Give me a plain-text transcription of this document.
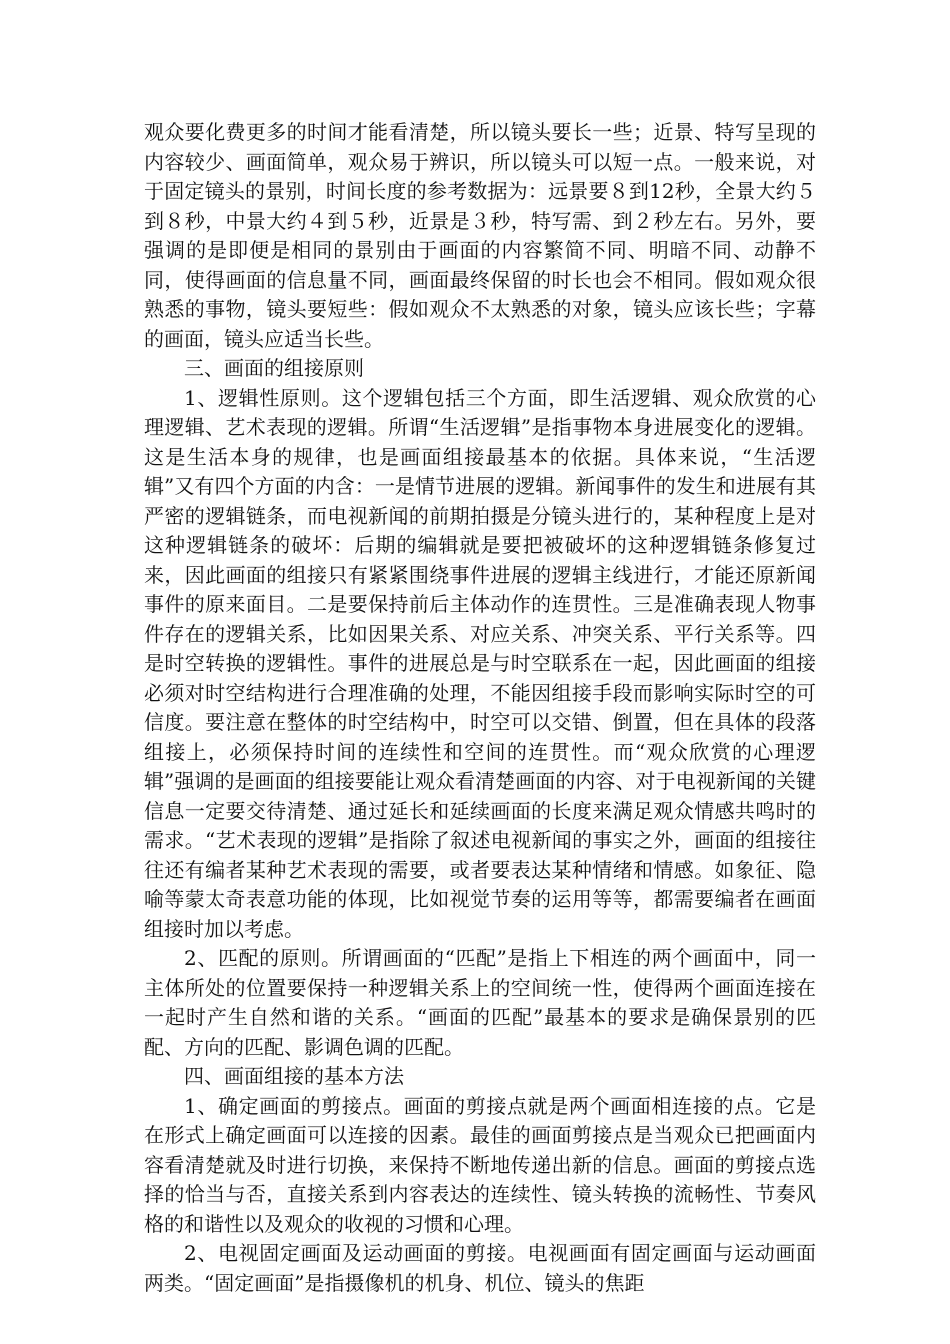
观众要化费更多的时间才能看清楚，所以镜头要长一些；近景、特写呈现的内容较少、画面简单，观众易于辨识，所以镜头可以短一点。一般来说，对于固定镜头的景别，时间长度的参考数据为：远景要８到12秒，全景大约５到８秒，中景大约４到５秒，近景是３秒，特写需、到２秒左右。另外，要强调的是即便是相同的景别由于画面的内容繁简不同、明暗不同、动静不同，使得画面的信息量不同，画面最终保留的时长也会不相同。假如观众很熟悉的事物，镜头要短些：假如观众不太熟悉的对象，镜头应该长些；字幕的画面，镜头应适当长些。

三、画面的组接原则

1、逻辑性原则。这个逻辑包括三个方面，即生活逻辑、观众欣赏的心理逻辑、艺术表现的逻辑。所谓“生活逻辑”是指事物本身进展变化的逻辑。这是生活本身的规律，也是画面组接最基本的依据。具体来说，“生活逻辑”又有四个方面的内含：一是情节进展的逻辑。新闻事件的发生和进展有其严密的逻辑链条，而电视新闻的前期拍摄是分镜头进行的，某种程度上是对这种逻辑链条的破坏：后期的编辑就是要把被破坏的这种逻辑链条修复过来，因此画面的组接只有紧紧围绕事件进展的逻辑主线进行，才能还原新闻事件的原来面目。二是要保持前后主体动作的连贯性。三是准确表现人物事件存在的逻辑关系，比如因果关系、对应关系、冲突关系、平行关系等。四是时空转换的逻辑性。事件的进展总是与时空联系在一起，因此画面的组接必须对时空结构进行合理准确的处理，不能因组接手段而影响实际时空的可信度。要注意在整体的时空结构中，时空可以交错、倒置，但在具体的段落组接上，必须保持时间的连续性和空间的连贯性。而“观众欣赏的心理逻辑”强调的是画面的组接要能让观众看清楚画面的内容、对于电视新闻的关键信息一定要交待清楚、通过延长和延续画面的长度来满足观众情感共鸣时的需求。“艺术表现的逻辑”是指除了叙述电视新闻的事实之外，画面的组接往往还有编者某种艺术表现的需要，或者要表达某种情绪和情感。如象征、隐喻等蒙太奇表意功能的体现，比如视觉节奏的运用等等，都需要编者在画面组接时加以考虑。

2、匹配的原则。所谓画面的“匹配”是指上下相连的两个画面中，同一主体所处的位置要保持一种逻辑关系上的空间统一性，使得两个画面连接在一起时产生自然和谐的关系。“画面的匹配”最基本的要求是确保景别的匹配、方向的匹配、影调色调的匹配。

四、画面组接的基本方法

1、确定画面的剪接点。画面的剪接点就是两个画面相连接的点。它是在形式上确定画面可以连接的因素。最佳的画面剪接点是当观众已把画面内容看清楚就及时进行切换，来保持不断地传递出新的信息。画面的剪接点选择的恰当与否，直接关系到内容表达的连续性、镜头转换的流畅性、节奏风格的和谐性以及观众的收视的习惯和心理。

2、电视固定画面及运动画面的剪接。电视画面有固定画面与运动画面两类。“固定画面”是指摄像机的机身、机位、镜头的焦距
